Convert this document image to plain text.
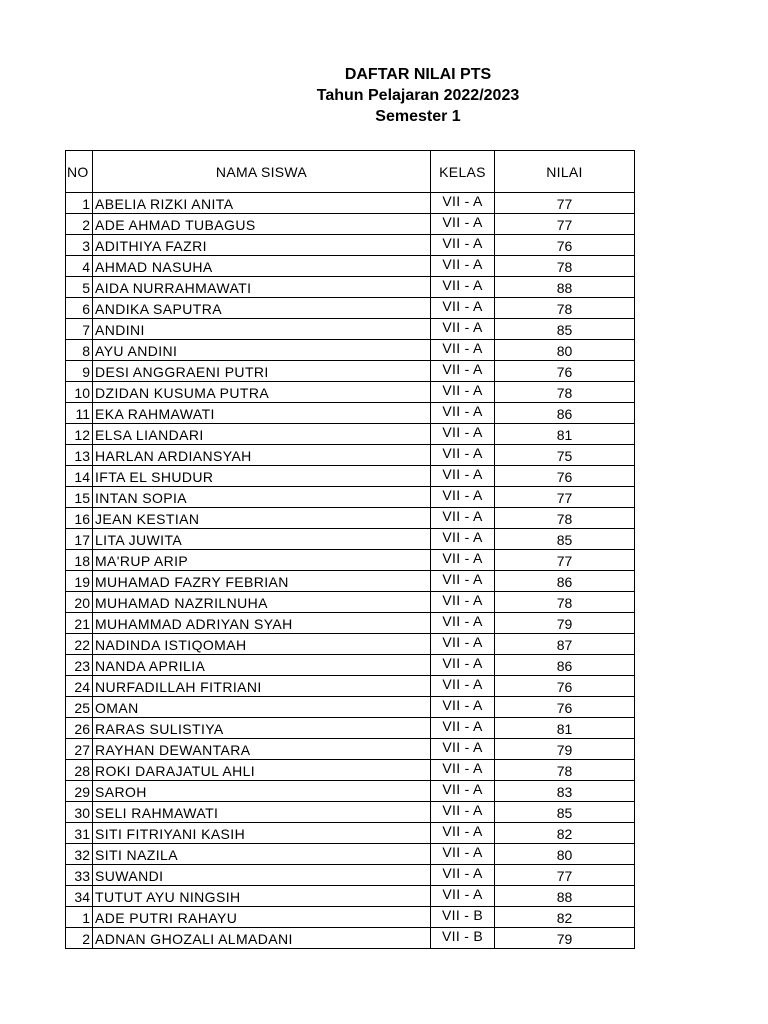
DAFTAR NILAI PTS
Tahun Pelajaran 2022/2023
Semester 1
NO	NAMA SISWA	KELAS	NILAI
1	ABELIA RIZKI ANITA	VII - A	77
2	ADE AHMAD TUBAGUS	VII - A	77
3	ADITHIYA FAZRI	VII - A	76
4	AHMAD NASUHA	VII - A	78
5	AIDA NURRAHMAWATI	VII - A	88
6	ANDIKA SAPUTRA	VII - A	78
7	ANDINI	VII - A	85
8	AYU ANDINI	VII - A	80
9	DESI ANGGRAENI PUTRI	VII - A	76
10	DZIDAN KUSUMA PUTRA	VII - A	78
11	EKA RAHMAWATI	VII - A	86
12	ELSA LIANDARI	VII - A	81
13	HARLAN ARDIANSYAH	VII - A	75
14	IFTA EL SHUDUR	VII - A	76
15	INTAN SOPIA	VII - A	77
16	JEAN KESTIAN	VII - A	78
17	LITA JUWITA	VII - A	85
18	MA'RUP ARIP	VII - A	77
19	MUHAMAD FAZRY FEBRIAN	VII - A	86
20	MUHAMAD NAZRILNUHA	VII - A	78
21	MUHAMMAD ADRIYAN SYAH	VII - A	79
22	NADINDA ISTIQOMAH	VII - A	87
23	NANDA APRILIA	VII - A	86
24	NURFADILLAH FITRIANI	VII - A	76
25	OMAN	VII - A	76
26	RARAS SULISTIYA	VII - A	81
27	RAYHAN DEWANTARA	VII - A	79
28	ROKI DARAJATUL AHLI	VII - A	78
29	SAROH	VII - A	83
30	SELI RAHMAWATI	VII - A	85
31	SITI FITRIYANI KASIH	VII - A	82
32	SITI NAZILA	VII - A	80
33	SUWANDI	VII - A	77
34	TUTUT AYU NINGSIH	VII - A	88
1	ADE PUTRI RAHAYU	VII - B	82
2	ADNAN GHOZALI ALMADANI	VII - B	79
